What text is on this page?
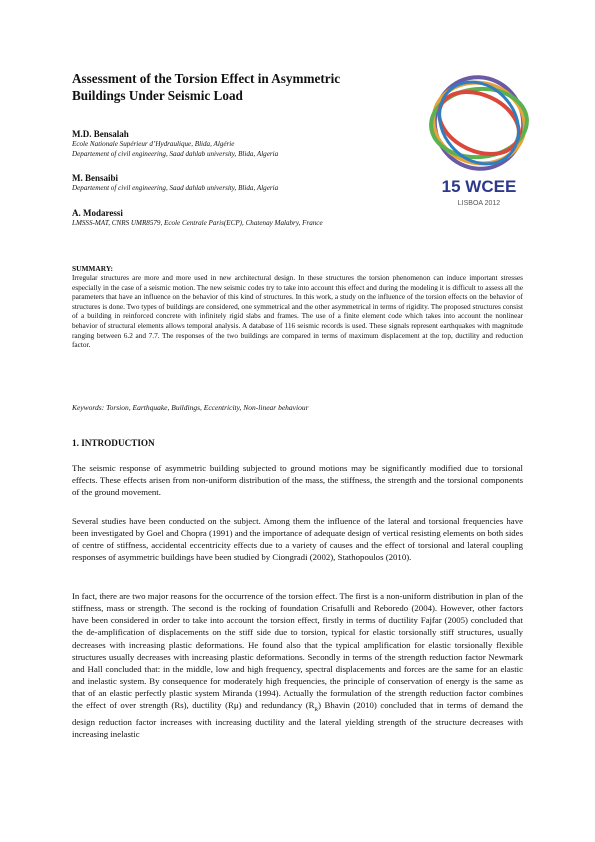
Assessment of the Torsion Effect in Asymmetric Buildings Under Seismic Load
M.D. Bensalah
Ecole Nationale Supérieur d’Hydraulique, Blida, Algérie
Departement of civil engineering, Saad dahlab university, Blida, Algeria
M. Bensaibi
Departement of civil engineering, Saad dahlab university, Blida, Algeria
A. Modaressi
LMSSS-MAT, CNRS UMR8579, Ecole Centrale Paris(ECP), Chatenay Malabry, France
15 WCEE
LISBOA 2012
SUMMARY:
Irregular structures are more and more used in new architectural design. In these structures the torsion phenomenon can induce important stresses especially in the case of a seismic motion. The new seismic codes try to take into account this effect and during the modeling it is difficult to assess all the parameters that have an influence on the behavior of this kind of structures. In this work, a study on the influence of the torsion effects on the behavior of structures is done. Two types of buildings are considered, one symmetrical and the other asymmetrical in terms of rigidity. The proposed structures consist of a building in reinforced concrete with infinitely rigid slabs and frames. The use of a finite element code which takes into account the nonlinear behavior of structural elements allows temporal analysis. A database of 116 seismic records is used. These signals represent earthquakes with magnitude ranging between 6.2 and 7.7. The responses of the two buildings are compared in terms of maximum displacement at the top, ductility and reduction factor.
Keywords: Torsion, Earthquake, Buildings, Eccentricity, Non-linear behaviour
1. INTRODUCTION
The seismic response of asymmetric building subjected to ground motions may be significantly modified due to torsional effects. These effects arisen from non-uniform distribution of the mass, the stiffness, the strength and the torsional components of the ground movement.
Several studies have been conducted on the subject. Among them the influence of the lateral and torsional frequencies have been investigated by Goel and Chopra (1991) and the importance of adequate design of vertical resisting elements on both sides of centre of stiffness, accidental eccentricity effects due to a variety of causes and the effect of torsional and lateral coupling responses of asymmetric buildings have been studied by Ciongradi (2002), Stathopoulos (2010).
In fact, there are two major reasons for the occurrence of the torsion effect. The first is a non-uniform distribution in plan of the stiffness, mass or strength. The second is the rocking of foundation Crisafulli and Reboredo (2004). However, other factors have been considered in order to take into account the torsion effect, firstly in terms of ductility Fajfar (2005) concluded that the de-amplification of displacements on the stiff side due to torsion, typical for elastic torsionally stiff structures, usually decreases with increasing plastic deformations. He found also that the typical amplification for elastic torsionally flexible structures usually decreases with increasing plastic deformations. Secondly in terms of the strength reduction factor Newmark and Hall concluded that: in the middle, low and high frequency, spectral displacements and forces are the same for an elastic and inelastic system. By consequence for moderately high frequencies, the principle of conservation of energy is the same as that of an elastic perfectly plastic system Miranda (1994). Actually the formulation of the strength reduction factor combines the effect of over strength (Rs), ductility (Rμ) and redundancy $(R_R)$ Bhavin (2010) concluded that in terms of demand the design reduction factor increases with increasing ductility and the lateral yielding strength of the structure decreases with increasing inelastic
